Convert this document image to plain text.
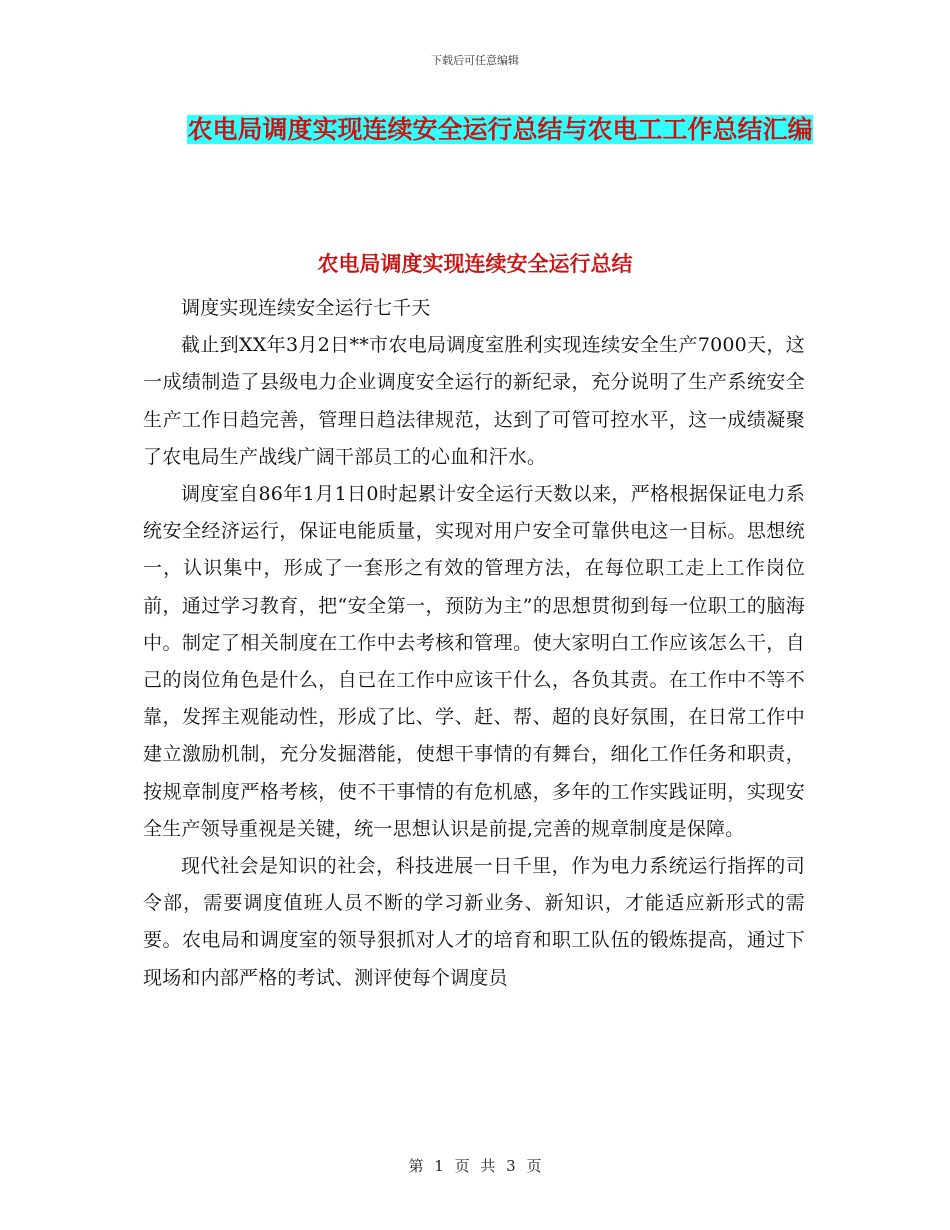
下载后可任意编辑
农电局调度实现连续安全运行总结与农电工工作总结汇编
农电局调度实现连续安全运行总结

调度实现连续安全运行七千天

截止到XX年3月2日**市农电局调度室胜利实现连续安全生产7000天，这一成绩制造了县级电力企业调度安全运行的新纪录，充分说明了生产系统安全生产工作日趋完善，管理日趋法律规范，达到了可管可控水平，这一成绩凝聚了农电局生产战线广阔干部员工的心血和汗水。

调度室自86年1月1日0时起累计安全运行天数以来，严格根据保证电力系统安全经济运行，保证电能质量，实现对用户安全可靠供电这一目标。思想统一，认识集中，形成了一套形之有效的管理方法，在每位职工走上工作岗位前，通过学习教育，把“安全第一，预防为主”的思想贯彻到每一位职工的脑海中。制定了相关制度在工作中去考核和管理。使大家明白工作应该怎么干，自己的岗位角色是什么，自已在工作中应该干什么，各负其责。在工作中不等不靠，发挥主观能动性，形成了比、学、赶、帮、超的良好氛围，在日常工作中建立激励机制，充分发掘潜能，使想干事情的有舞台，细化工作任务和职责，按规章制度严格考核，使不干事情的有危机感，多年的工作实践证明，实现安全生产领导重视是关键，统一思想认识是前提,完善的规章制度是保障。

现代社会是知识的社会，科技进展一日千里，作为电力系统运行指挥的司令部，需要调度值班人员不断的学习新业务、新知识，才能适应新形式的需要。农电局和调度室的领导狠抓对人才的培育和职工队伍的锻炼提高，通过下现场和内部严格的考试、测评使每个调度员

第 1 页 共 3 页
